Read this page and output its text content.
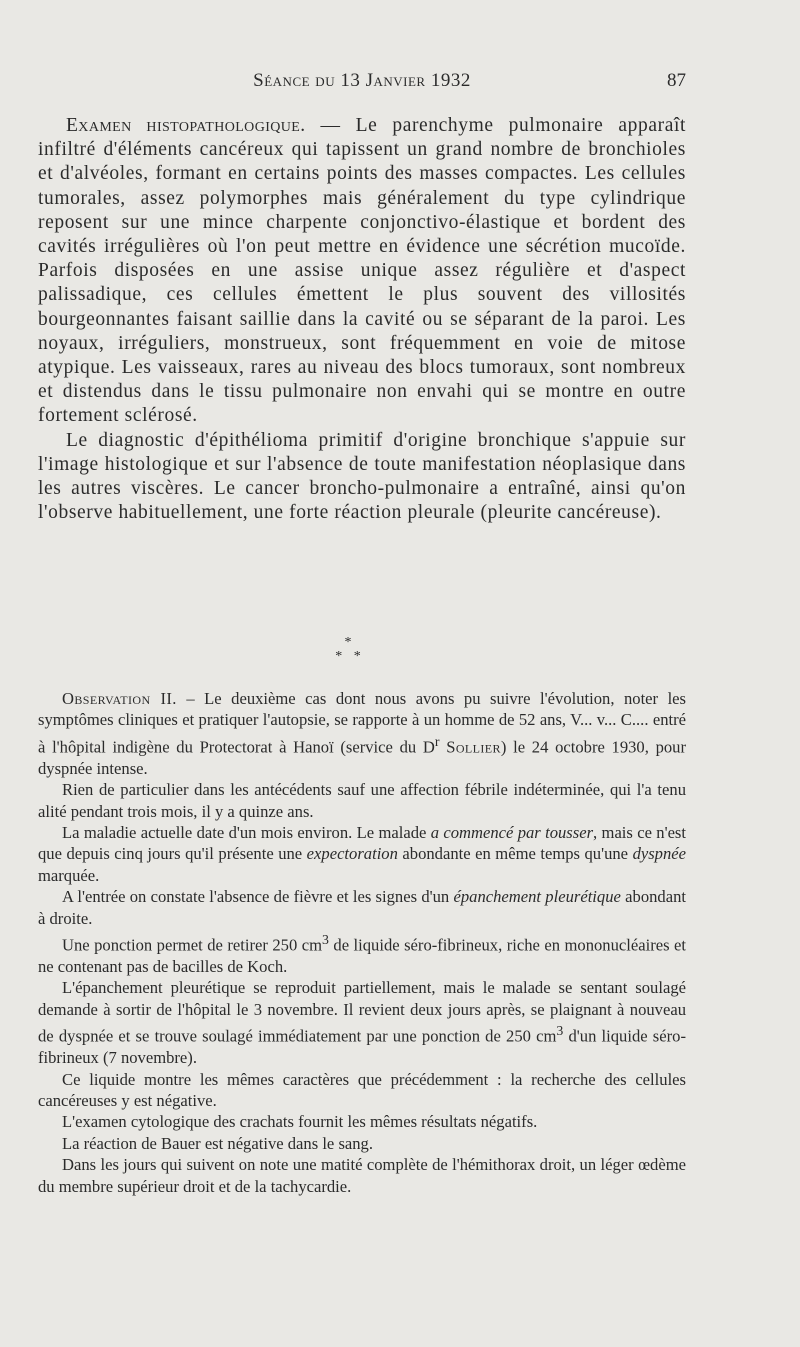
Séance du 13 Janvier 1932	87

Examen histopathologique. — Le parenchyme pulmonaire apparaît infiltré d'éléments cancéreux qui tapissent un grand nombre de bronchioles et d'alvéoles, formant en certains points des masses compactes. Les cellules tumorales, assez polymorphes mais généralement du type cylindrique reposent sur une mince charpente conjonctivo-élastique et bordent des cavités irrégulières où l'on peut mettre en évidence une sécrétion mucoïde. Parfois disposées en une assise unique assez régulière et d'aspect palissadique, ces cellules émettent le plus souvent des villosités bourgeonnantes faisant saillie dans la cavité ou se séparant de la paroi. Les noyaux, irréguliers, monstrueux, sont fréquemment en voie de mitose atypique. Les vaisseaux, rares au niveau des blocs tumoraux, sont nombreux et distendus dans le tissu pulmonaire non envahi qui se montre en outre fortement sclérosé.

Le diagnostic d'épithélioma primitif d'origine bronchique s'appuie sur l'image histologique et sur l'absence de toute manifestation néoplasique dans les autres viscères. Le cancer broncho-pulmonaire a entraîné, ainsi qu'on l'observe habituellement, une forte réaction pleurale (pleurite cancéreuse).

*
* *

Observation II. – Le deuxième cas dont nous avons pu suivre l'évolution, noter les symptômes cliniques et pratiquer l'autopsie, se rapporte à un homme de 52 ans, V... v... C.... entré à l'hôpital indigène du Protectorat à Hanoï (service du $D^r$ Sollier) le 24 octobre 1930, pour dyspnée intense.

Rien de particulier dans les antécédents sauf une affection fébrile indéterminée, qui l'a tenu alité pendant trois mois, il y a quinze ans.

La maladie actuelle date d'un mois environ. Le malade a commencé par tousser, mais ce n'est que depuis cinq jours qu'il présente une expectoration abondante en même temps qu'une dyspnée marquée.

A l'entrée on constate l'absence de fièvre et les signes d'un épanchement pleurétique abondant à droite.

Une ponction permet de retirer 250 $cm^3$ de liquide séro-fibrineux, riche en mononucléaires et ne contenant pas de bacilles de Koch.

L'épanchement pleurétique se reproduit partiellement, mais le malade se sentant soulagé demande à sortir de l'hôpital le 3 novembre. Il revient deux jours après, se plaignant à nouveau de dyspnée et se trouve soulagé immédiatement par une ponction de 250 $cm^3$ d'un liquide séro-fibrineux (7 novembre).

Ce liquide montre les mêmes caractères que précédemment : la recherche des cellules cancéreuses y est négative.

L'examen cytologique des crachats fournit les mêmes résultats négatifs.

La réaction de Bauer est négative dans le sang.

Dans les jours qui suivent on note une matité complète de l'hémithorax droit, un léger œdème du membre supérieur droit et de la tachycardie.
